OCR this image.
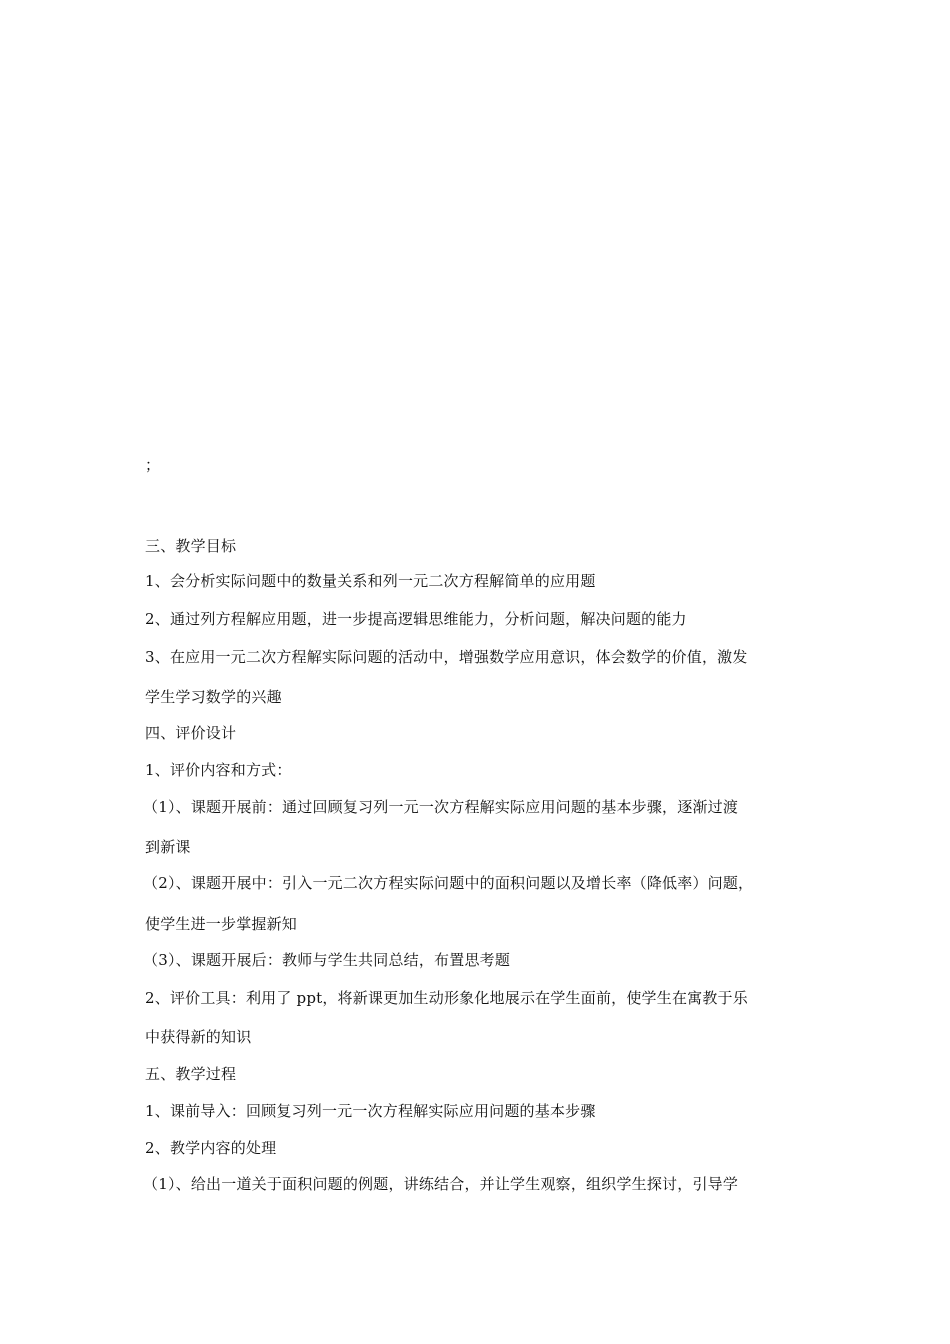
；
三、教学目标
1、会分析实际问题中的数量关系和列一元二次方程解简单的应用题
2、通过列方程解应用题，进一步提高逻辑思维能力，分析问题，解决问题的能力
3、在应用一元二次方程解实际问题的活动中，增强数学应用意识，体会数学的价值，激发
学生学习数学的兴趣
四、评价设计
1、评价内容和方式：
（1）、课题开展前：通过回顾复习列一元一次方程解实际应用问题的基本步骤，逐渐过渡
到新课
（2）、课题开展中：引入一元二次方程实际问题中的面积问题以及增长率（降低率）问题，
使学生进一步掌握新知
（3）、课题开展后：教师与学生共同总结，布置思考题
2、评价工具：利用了 ppt，将新课更加生动形象化地展示在学生面前，使学生在寓教于乐
中获得新的知识
五、教学过程
1、课前导入：回顾复习列一元一次方程解实际应用问题的基本步骤
2、教学内容的处理
（1）、给出一道关于面积问题的例题，讲练结合，并让学生观察，组织学生探讨，引导学
